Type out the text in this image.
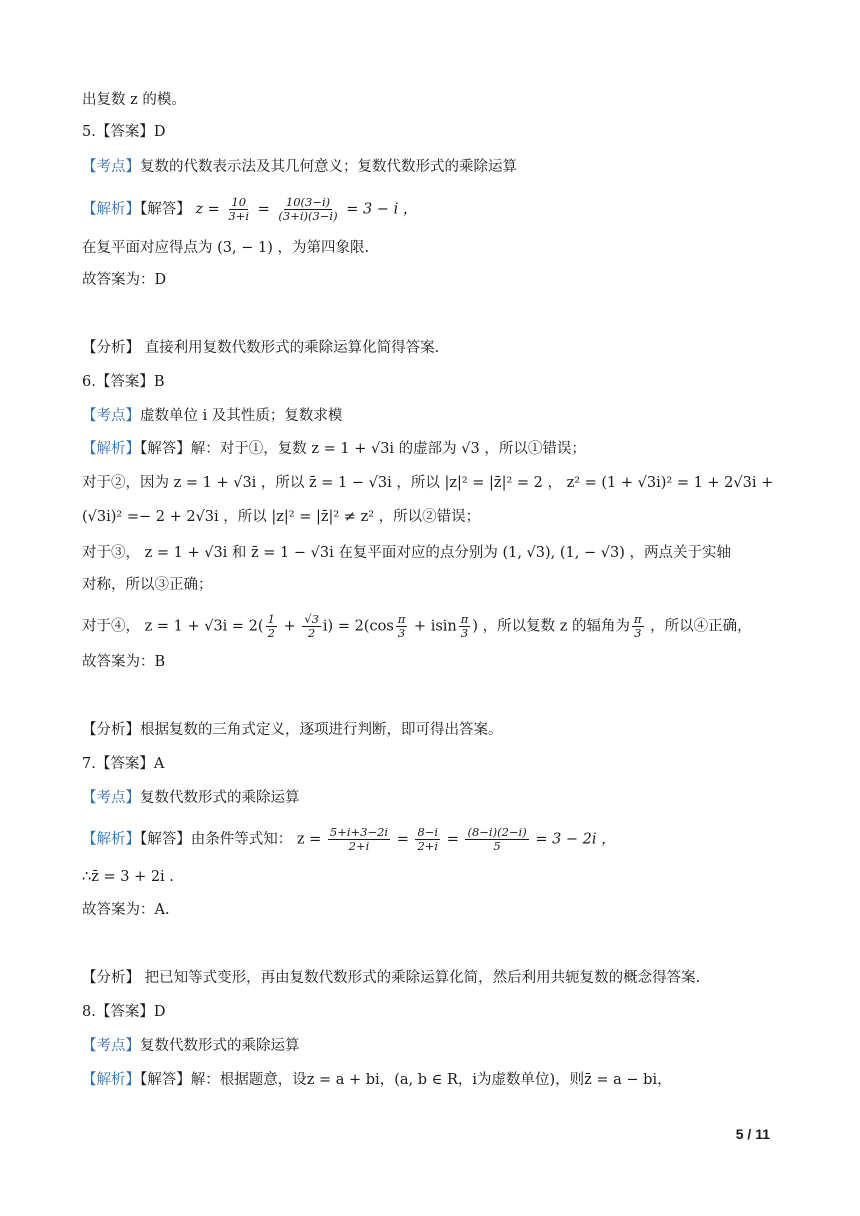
出复数 z 的模。
5.【答案】D
【考点】复数的代数表示法及其几何意义；复数代数形式的乘除运算
【解析】【解答】 $z = \frac{10}{3+i} = \frac{10(3-i)}{(3+i)(3-i)} = 3 - i$ ，
在复平面对应得点为 (3, − 1) ，为第四象限.
故答案为：D
【分析】 直接利用复数代数形式的乘除运算化简得答案.
6.【答案】B
【考点】虚数单位 i 及其性质；复数求模
【解析】【解答】解：对于①，复数 z = 1 + √3i 的虚部为 √3 ，所以①错误；
对于②，因为 z = 1 + √3i ，所以 z̄ = 1 − √3i ，所以 |z|² = |z̄|² = 2 ， z² = (1 + √3i)² = 1 + 2√3i +
(√3i)² =− 2 + 2√3i ，所以 |z|² = |z̄|² ≠ z² ，所以②错误；
对于③， z = 1 + √3i 和 z̄ = 1 − √3i 在复平面对应的点分别为 (1, √3), (1, − √3) ，两点关于实轴
对称，所以③正确；
对于④， $z = 1 + √3i = 2( \frac{1}{2} + \frac{√3}{2} i) = 2(\cos \frac{\pi}{3} + isin \frac{\pi}{3}$ ) ，所以复数 z 的辐角为 $\frac{\pi}{3}$ ，所以④正确，
故答案为：B
【分析】根据复数的三角式定义，逐项进行判断，即可得出答案。
7.【答案】A
【考点】复数代数形式的乘除运算
【解析】【解答】由条件等式知： $z = \frac{5+i+3-2i}{2+i} = \frac{8-i}{2+i} = \frac{(8-i)(2-i)}{5} = 3 - 2i$ ，
∴z̄ = 3 + 2i .
故答案为：A.
【分析】 把已知等式变形，再由复数代数形式的乘除运算化简，然后利用共轭复数的概念得答案.
8.【答案】D
【考点】复数代数形式的乘除运算
【解析】【解答】解：根据题意，设z = a + bi，(a, b ∈ R，i为虚数单位)，则z̄ = a − bi，
5 / 11
